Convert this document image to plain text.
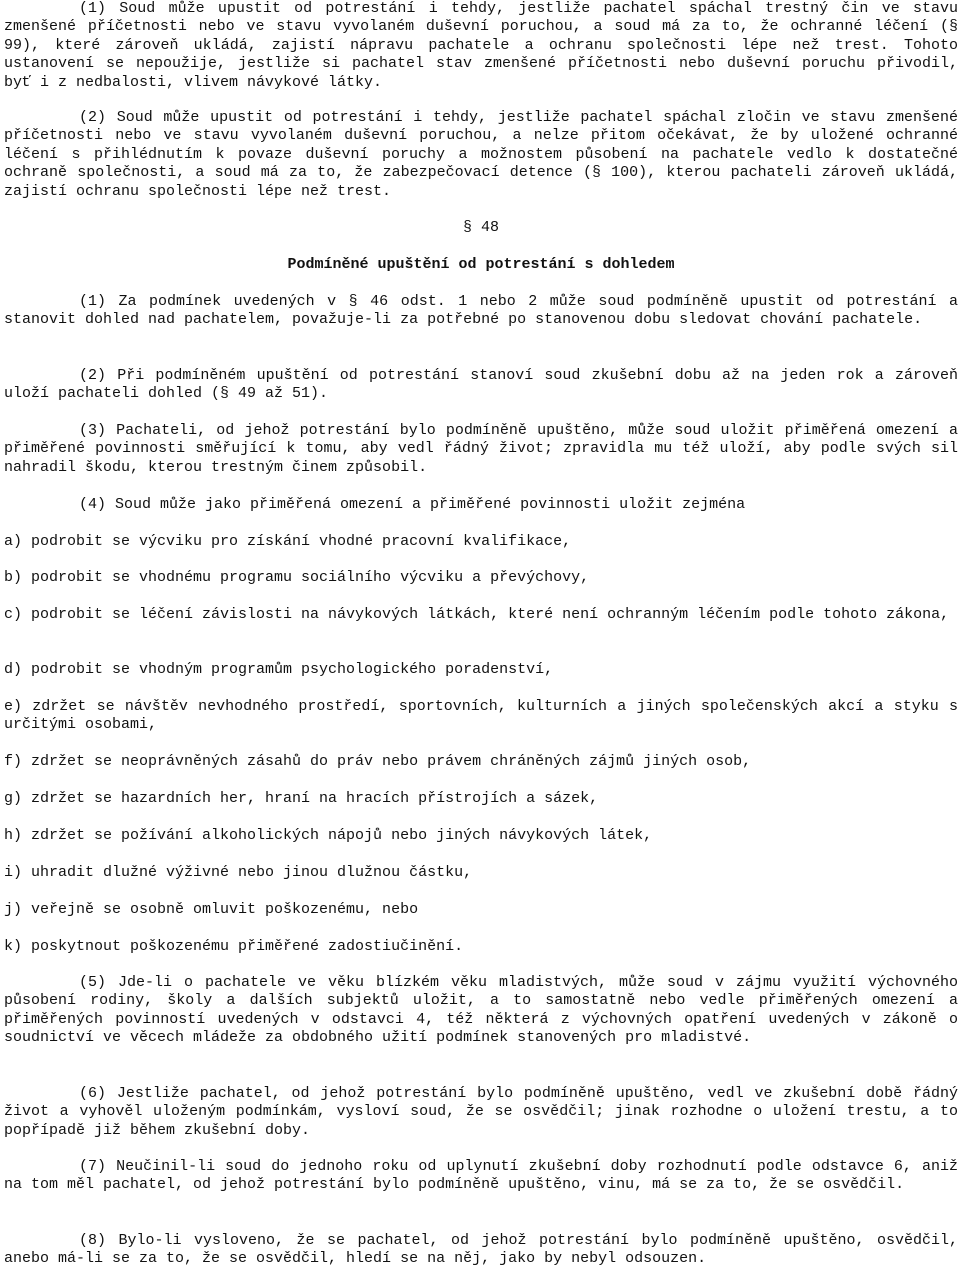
(1) Soud může upustit od potrestání i tehdy, jestliže pachatel spáchal trestný čin ve stavu zmenšené příčetnosti nebo ve stavu vyvolaném duševní poruchou, a soud má za to, že ochranné léčení (§ 99), které zároveň ukládá, zajistí nápravu pachatele a ochranu společnosti lépe než trest. Tohoto ustanovení se nepoužije, jestliže si pachatel stav zmenšené příčetnosti nebo duševní poruchu přivodil, byť i z nedbalosti, vlivem návykové látky.

(2) Soud může upustit od potrestání i tehdy, jestliže pachatel spáchal zločin ve stavu zmenšené příčetnosti nebo ve stavu vyvolaném duševní poruchou, a nelze přitom očekávat, že by uložené ochranné léčení s přihlédnutím k povaze duševní poruchy a možnostem působení na pachatele vedlo k dostatečné ochraně společnosti, a soud má za to, že zabezpečovací detence (§ 100), kterou pachateli zároveň ukládá, zajistí ochranu společnosti lépe než trest.

§ 48

Podmíněné upuštění od potrestání s dohledem

(1) Za podmínek uvedených v § 46 odst. 1 nebo 2 může soud podmíněně upustit od potrestání a stanovit dohled nad pachatelem, považuje-li za potřebné po stanovenou dobu sledovat chování pachatele.

(2) Při podmíněném upuštění od potrestání stanoví soud zkušební dobu až na jeden rok a zároveň uloží pachateli dohled (§ 49 až 51).

(3) Pachateli, od jehož potrestání bylo podmíněně upuštěno, může soud uložit přiměřená omezení a přiměřené povinnosti směřující k tomu, aby vedl řádný život; zpravidla mu též uloží, aby podle svých sil nahradil škodu, kterou trestným činem způsobil.

(4) Soud může jako přiměřená omezení a přiměřené povinnosti uložit zejména

a) podrobit se výcviku pro získání vhodné pracovní kvalifikace,

b) podrobit se vhodnému programu sociálního výcviku a převýchovy,

c) podrobit se léčení závislosti na návykových látkách, které není ochranným léčením podle tohoto zákona,

d) podrobit se vhodným programům psychologického poradenství,

e) zdržet se návštěv nevhodného prostředí, sportovních, kulturních a jiných společenských akcí a styku s určitými osobami,

f) zdržet se neoprávněných zásahů do práv nebo právem chráněných zájmů jiných osob,

g) zdržet se hazardních her, hraní na hracích přístrojích a sázek,

h) zdržet se požívání alkoholických nápojů nebo jiných návykových látek,

i) uhradit dlužné výživné nebo jinou dlužnou částku,

j) veřejně se osobně omluvit poškozenému, nebo

k) poskytnout poškozenému přiměřené zadostiučinění.

(5) Jde-li o pachatele ve věku blízkém věku mladistvých, může soud v zájmu využití výchovného působení rodiny, školy a dalších subjektů uložit, a to samostatně nebo vedle přiměřených omezení a přiměřených povinností uvedených v odstavci 4, též některá z výchovných opatření uvedených v zákoně o soudnictví ve věcech mládeže za obdobného užití podmínek stanovených pro mladistvé.

(6) Jestliže pachatel, od jehož potrestání bylo podmíněně upuštěno, vedl ve zkušební době řádný život a vyhověl uloženým podmínkám, vysloví soud, že se osvědčil; jinak rozhodne o uložení trestu, a to popřípadě již během zkušební doby.

(7) Neučinil-li soud do jednoho roku od uplynutí zkušební doby rozhodnutí podle odstavce 6, aniž na tom měl pachatel, od jehož potrestání bylo podmíněně upuštěno, vinu, má se za to, že se osvědčil.

(8) Bylo-li vysloveno, že se pachatel, od jehož potrestání bylo podmíněně upuštěno, osvědčil, anebo má-li se za to, že se osvědčil, hledí se na něj, jako by nebyl odsouzen.
